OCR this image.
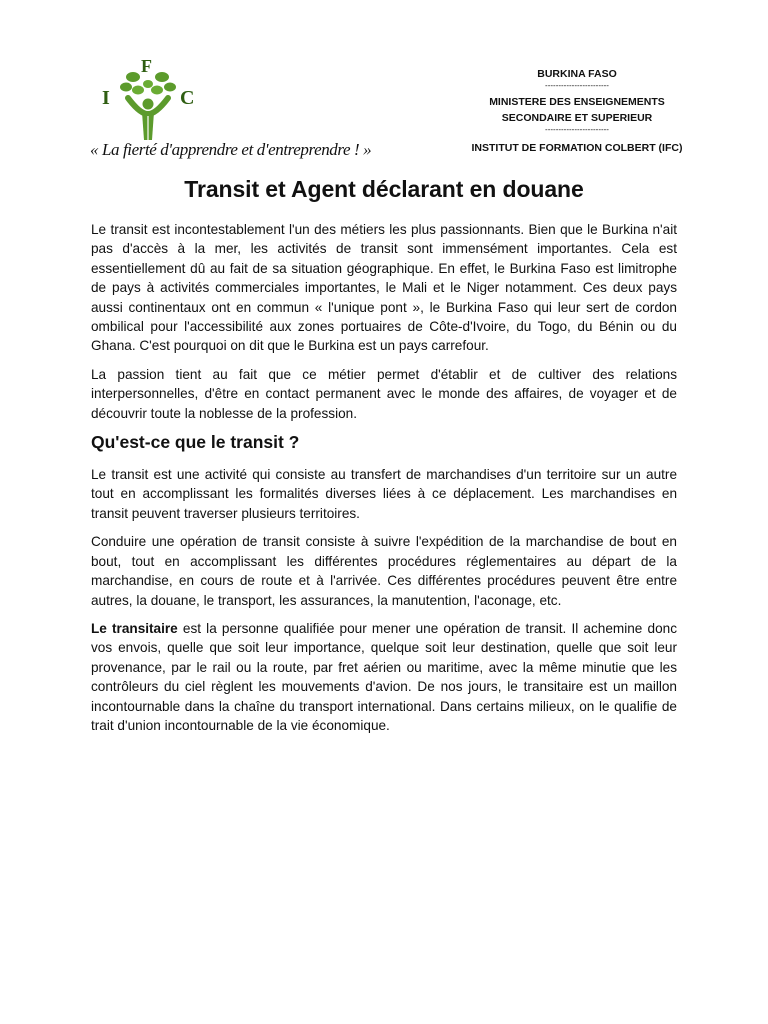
F
I	C
« La fierté d'apprendre et d'entreprendre ! »
BURKINA FASO
------------------------
MINISTERE DES ENSEIGNEMENTS
SECONDAIRE ET SUPERIEUR
------------------------
INSTITUT DE FORMATION COLBERT (IFC)
Transit et Agent déclarant en douane

Le transit est incontestablement l'un des métiers les plus passionnants. Bien que le Burkina n'ait pas d'accès à la mer, les activités de transit sont immensément importantes. Cela est essentiellement dû au fait de sa situation géographique. En effet, le Burkina Faso est limitrophe de pays à activités commerciales importantes, le Mali et le Niger notamment. Ces deux pays aussi continentaux ont en commun « l'unique pont », le Burkina Faso qui leur sert de cordon ombilical pour l'accessibilité aux zones portuaires de Côte-d'Ivoire, du Togo, du Bénin ou du Ghana. C'est pourquoi on dit que le Burkina est un pays carrefour.

La passion tient au fait que ce métier permet d'établir et de cultiver des relations interpersonnelles, d'être en contact permanent avec le monde des affaires, de voyager et de découvrir toute la noblesse de la profession.

Qu'est-ce que le transit ?

Le transit est une activité qui consiste au transfert de marchandises d'un territoire sur un autre tout en accomplissant les formalités diverses liées à ce déplacement. Les marchandises en transit peuvent traverser plusieurs territoires.

Conduire une opération de transit consiste à suivre l'expédition de la marchandise de bout en bout, tout en accomplissant les différentes procédures réglementaires au départ de la marchandise, en cours de route et à l'arrivée. Ces différentes procédures peuvent être entre autres, la douane, le transport, les assurances, la manutention, l'aconage, etc.

Le transitaire est la personne qualifiée pour mener une opération de transit. Il achemine donc vos envois, quelle que soit leur importance, quelque soit leur destination, quelle que soit leur provenance, par le rail ou la route, par fret aérien ou maritime, avec la même minutie que les contrôleurs du ciel règlent les mouvements d'avion. De nos jours, le transitaire est un maillon incontournable dans la chaîne du transport international. Dans certains milieux, on le qualifie de trait d'union incontournable de la vie économique.
